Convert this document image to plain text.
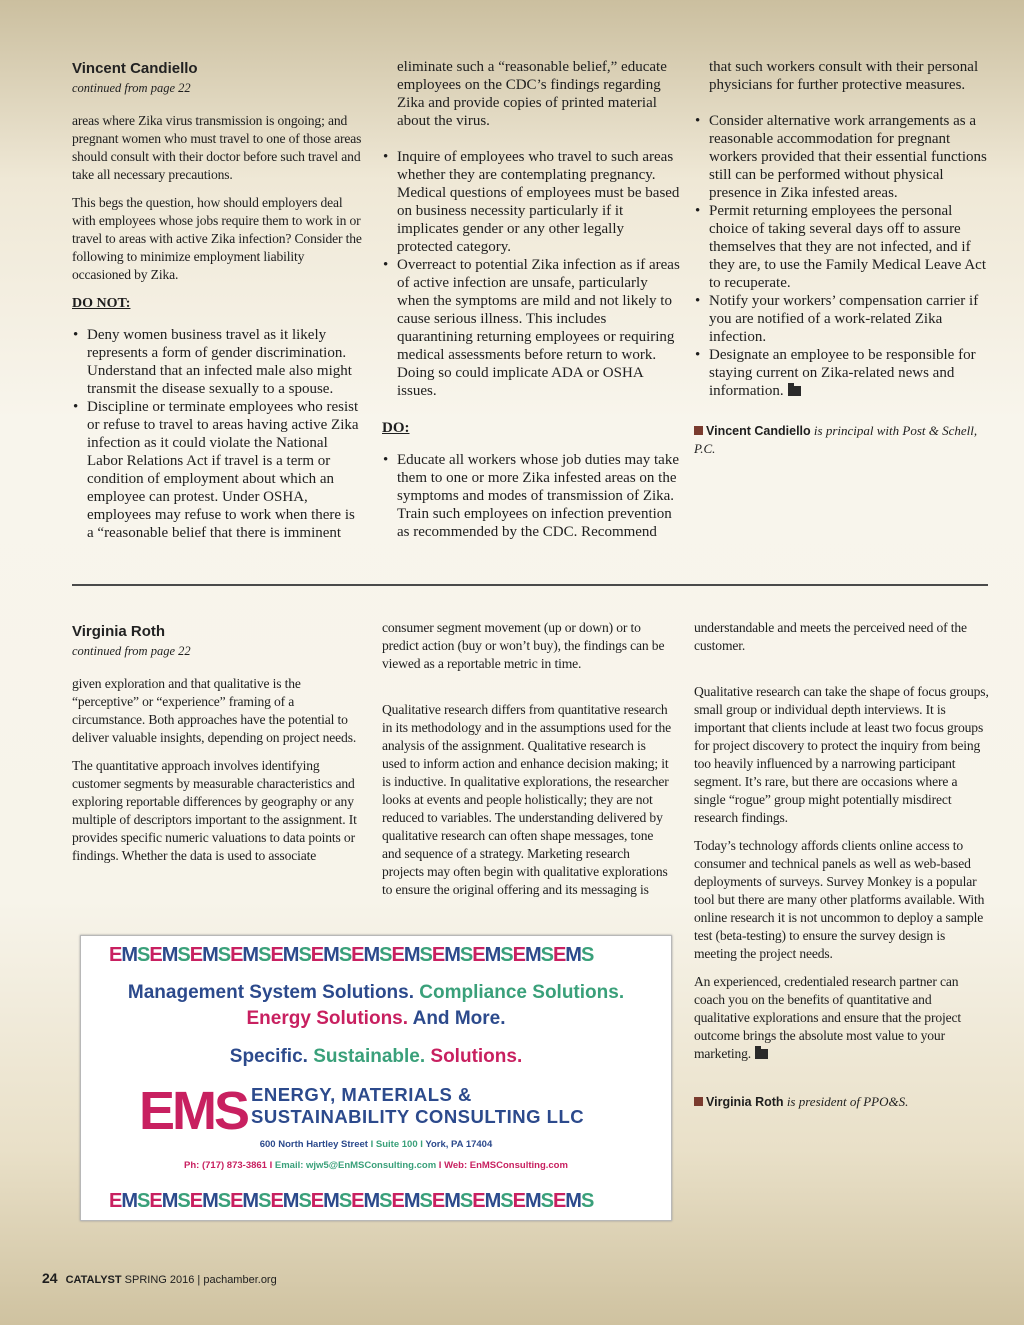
Vincent Candiello

continued from page 22

areas where Zika virus transmission is ongoing; and pregnant women who must travel to one of those areas should consult with their doctor before such travel and take all necessary precautions.

This begs the question, how should employers deal with employees whose jobs require them to work in or travel to areas with active Zika infection? Consider the following to minimize employment liability occasioned by Zika.

DO NOT:

• Deny women business travel as it likely represents a form of gender discrimination. Understand that an infected male also might transmit the disease sexually to a spouse.
• Discipline or terminate employees who resist or refuse to travel to areas having active Zika infection as it could violate the National Labor Relations Act if travel is a term or condition of employment about which an employee can protest. Under OSHA, employees may refuse to work when there is a “reasonable belief that there is imminent
eliminate such a “reasonable belief,” educate employees on the CDC’s findings regarding Zika and provide copies of printed material about the virus.
• Inquire of employees who travel to such areas whether they are contemplating pregnancy. Medical questions of employees must be based on business necessity particularly if it implicates gender or any other legally protected category.
• Overreact to potential Zika infection as if areas of active infection are unsafe, particularly when the symptoms are mild and not likely to cause serious illness. This includes quarantining returning employees or requiring medical assessments before return to work. Doing so could implicate ADA or OSHA issues.

DO:

• Educate all workers whose job duties may take them to one or more Zika infested areas on the symptoms and modes of transmission of Zika. Train such employees on infection prevention as recommended by the CDC. Recommend
that such workers consult with their personal physicians for further protective measures.
• Consider alternative work arrangements as a reasonable accommodation for pregnant workers provided that their essential functions still can be performed without physical presence in Zika infested areas.
• Permit returning employees the personal choice of taking several days off to assure themselves that they are not infected, and if they are, to use the Family Medical Leave Act to recuperate.
• Notify your workers’ compensation carrier if you are notified of a work-related Zika infection.
• Designate an employee to be responsible for staying current on Zika-related news and information.

Vincent Candiello is principal with Post & Schell, P.C.

Virginia Roth

continued from page 22

given exploration and that qualitative is the “perceptive” or “experience” framing of a circumstance. Both approaches have the potential to deliver valuable insights, depending on project needs.

The quantitative approach involves identifying customer segments by measurable characteristics and exploring reportable differences by geography or any multiple of descriptors important to the assignment. It provides specific numeric valuations to data points or findings. Whether the data is used to associate

consumer segment movement (up or down) or to predict action (buy or won’t buy), the findings can be viewed as a reportable metric in time.

Qualitative research differs from quantitative research in its methodology and in the assumptions used for the analysis of the assignment. Qualitative research is used to inform action and enhance decision making; it is inductive. In qualitative explorations, the researcher looks at events and people holistically; they are not reduced to variables. The understanding delivered by qualitative research can often shape messages, tone and sequence of a strategy. Marketing research projects may often begin with qualitative explorations to ensure the original offering and its messaging is

understandable and meets the perceived need of the customer.

Qualitative research can take the shape of focus groups, small group or individual depth interviews. It is important that clients include at least two focus groups for project discovery to protect the inquiry from being too heavily influenced by a narrowing participant segment. It’s rare, but there are occasions where a single “rogue” group might potentially misdirect research findings.

Today’s technology affords clients online access to consumer and technical panels as well as web-based deployments of surveys. Survey Monkey is a popular tool but there are many other platforms available. With online research it is not uncommon to deploy a sample test (beta-testing) to ensure the survey design is meeting the project needs.

An experienced, credentialed research partner can coach you on the benefits of quantitative and qualitative explorations and ensure that the project outcome brings the absolute most value to your marketing.

Virginia Roth is president of PPO&S.

EMSEMSEMSEMSEMSEMSEMSEMSEMSEMSEMSEMS
Management System Solutions. Compliance Solutions.
Energy Solutions. And More.
Specific. Sustainable. Solutions.
EMS ENERGY, MATERIALS &
SUSTAINABILITY CONSULTING LLC
600 North Hartley Street I Suite 100 I York, PA 17404
Ph: (717) 873-3861 I Email: wjw5@EnMSConsulting.com I Web: EnMSConsulting.com
EMSEMSEMSEMSEMSEMSEMSEMSEMSEMSEMSEMS
24 CATALYST SPRING 2016 | pachamber.org
